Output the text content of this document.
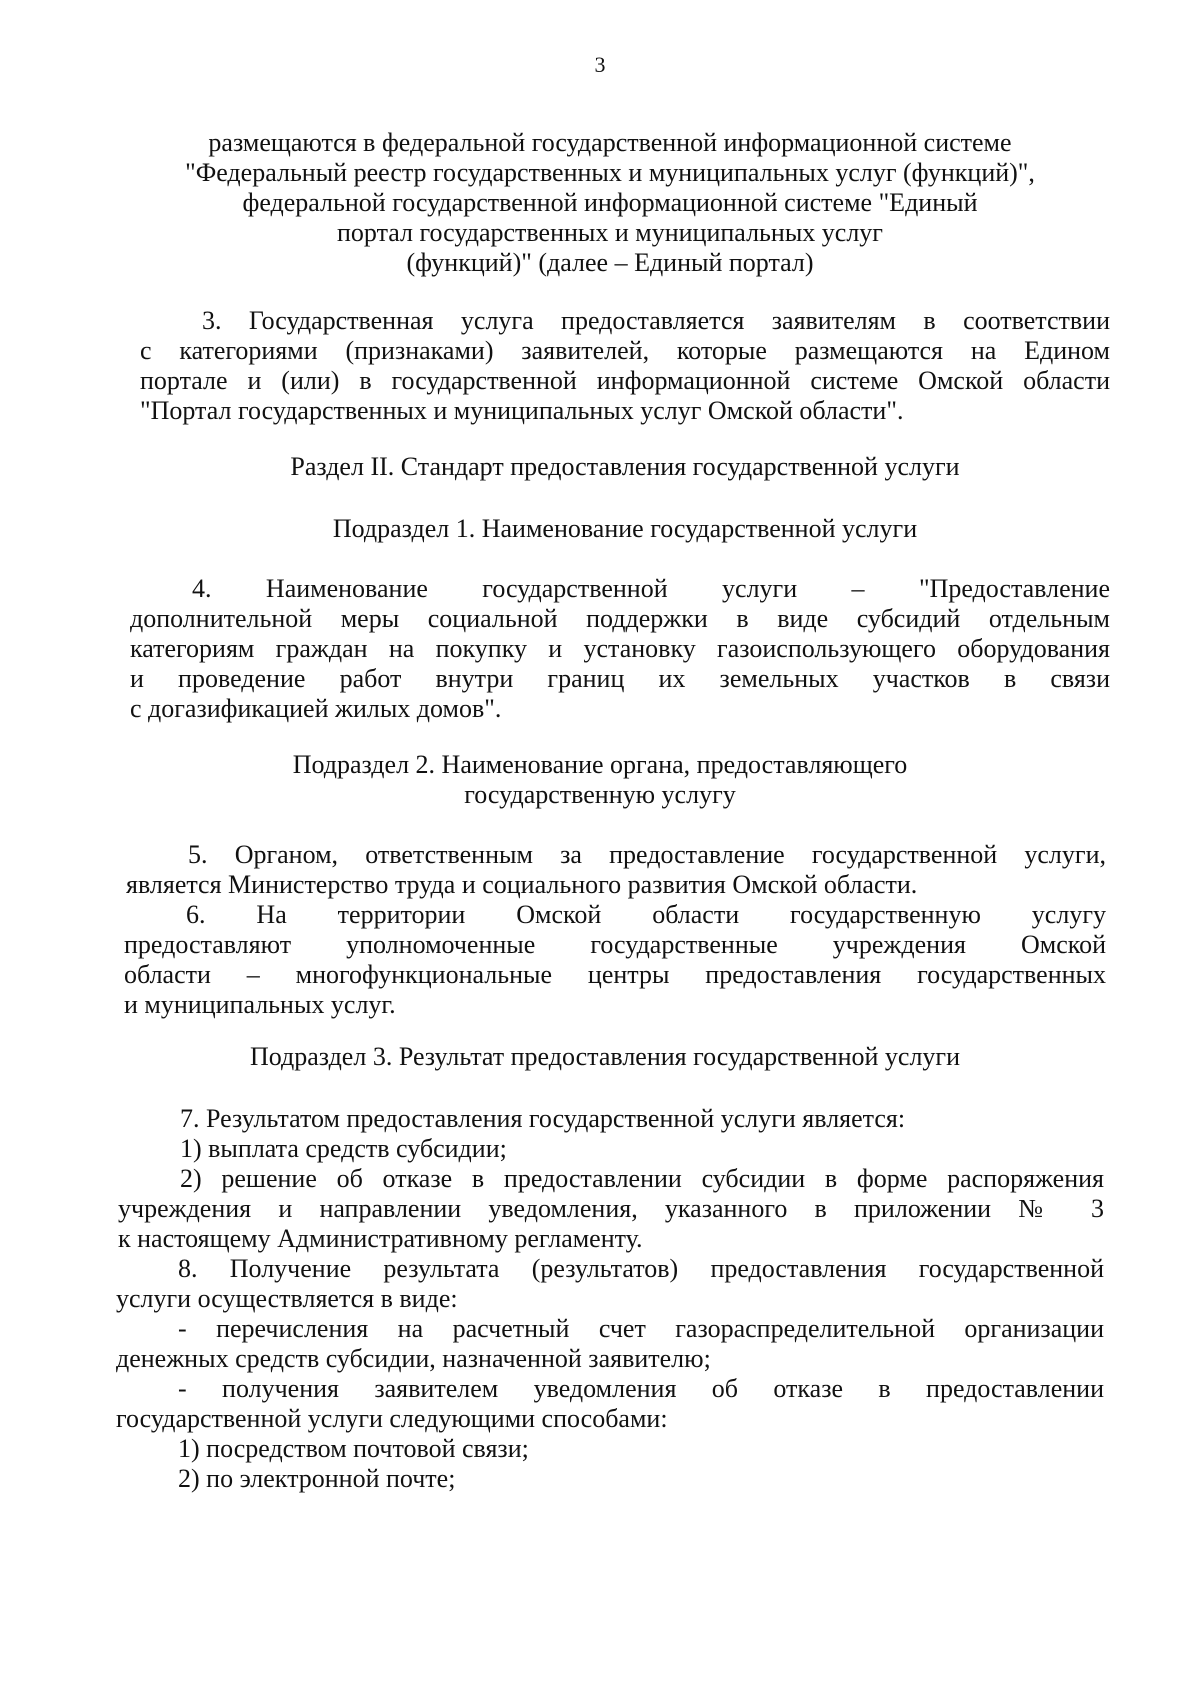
3
размещаются в федеральной государственной информационной системе
"Федеральный реестр государственных и муниципальных услуг (функций)",
федеральной государственной информационной системе "Единый
портал государственных и муниципальных услуг
(функций)" (далее – Единый портал)
3. Государственная услуга предоставляется заявителям в соответствии
с категориями (признаками) заявителей, которые размещаются на Едином
портале и (или) в государственной информационной системе Омской области
"Портал государственных и муниципальных услуг Омской области".
Раздел II. Стандарт предоставления государственной услуги
Подраздел 1. Наименование государственной услуги
4. Наименование государственной услуги – "Предоставление
дополнительной меры социальной поддержки в виде субсидий отдельным
категориям граждан на покупку и установку газоиспользующего оборудования
и проведение работ внутри границ их земельных участков в связи
с догазификацией жилых домов".
Подраздел 2. Наименование органа, предоставляющего
государственную услугу
5. Органом, ответственным за предоставление государственной услуги,
является Министерство труда и социального развития Омской области.
6. На территории Омской области государственную услугу
предоставляют уполномоченные государственные учреждения Омской
области – многофункциональные центры предоставления государственных
и муниципальных услуг.
Подраздел 3. Результат предоставления государственной услуги
7. Результатом предоставления государственной услуги является:
1) выплата средств субсидии;
2) решение об отказе в предоставлении субсидии в форме распоряжения
учреждения и направлении уведомления, указанного в приложении № 3
к настоящему Административному регламенту.
8. Получение результата (результатов) предоставления государственной
услуги осуществляется в виде:
- перечисления на расчетный счет газораспределительной организации
денежных средств субсидии, назначенной заявителю;
- получения заявителем уведомления об отказе в предоставлении
государственной услуги следующими способами:
1) посредством почтовой связи;
2) по электронной почте;
